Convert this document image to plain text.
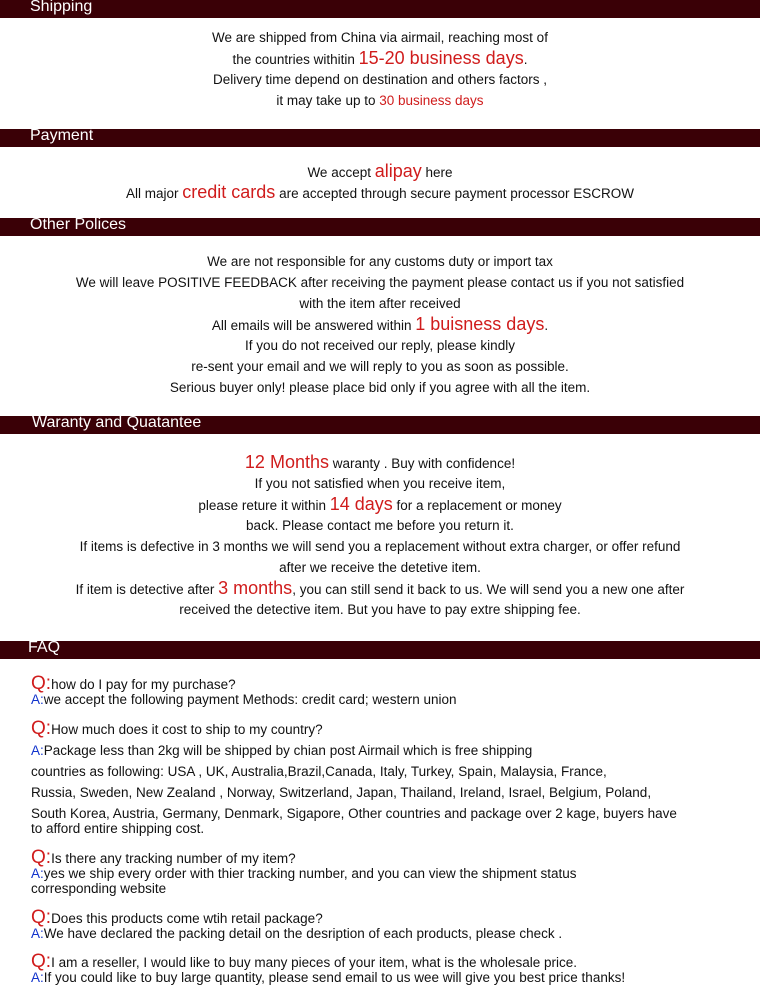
Shipping
We are shipped from China via airmail, reaching most of
the countries withitin 15-20 business days.
Delivery time depend on destination and others factors ,
it may take up to 30 business days
Payment
We accept alipay here
All major credit cards are accepted through secure payment processor ESCROW
Other Polices
We are not responsible for any customs duty or import tax
We will leave POSITIVE FEEDBACK after receiving the payment please contact us if you not satisfied
with the item after received
All emails will be answered within 1 buisness days.
If you do not received our reply, please kindly
re-sent your email and we will reply to you as soon as possible.
Serious buyer only! please place bid only if you agree with all the item.
Waranty and Quatantee
12 Months waranty . Buy with confidence!
If you not satisfied when you receive item,
please reture it within 14 days for a replacement or money
back. Please contact me before you return it.
If items is defective in 3 months we will send you a replacement without extra charger, or offer refund
after we receive the detetive item.
If item is detective after 3 months, you can still send it back to us. We will send you a new one after
received the detective item. But you have to pay extre shipping fee.
FAQ
Q:how do I pay for my purchase?
A:we accept the following payment Methods: credit card; western union
Q:How much does it cost to ship to my country?
A:Package less than 2kg will be shipped by chian post Airmail which is free shipping
countries as following: USA , UK, Australia,Brazil,Canada, Italy, Turkey, Spain, Malaysia, France,
Russia, Sweden, New Zealand , Norway, Switzerland, Japan, Thailand, Ireland, Israel, Belgium, Poland,
South Korea, Austria, Germany, Denmark, Sigapore, Other countries and package over 2 kage, buyers have
to afford entire shipping cost.
Q:Is there any tracking number of my item?
A:yes we ship every order with thier tracking number, and you can view the shipment status
corresponding website
Q:Does this products come wtih retail package?
A:We have declared the packing detail on the desription of each products, please check .
Q:I am a reseller, I would like to buy many pieces of your item, what is the wholesale price.
A:If you could like to buy large quantity, please send email to us wee will give you best price thanks!
